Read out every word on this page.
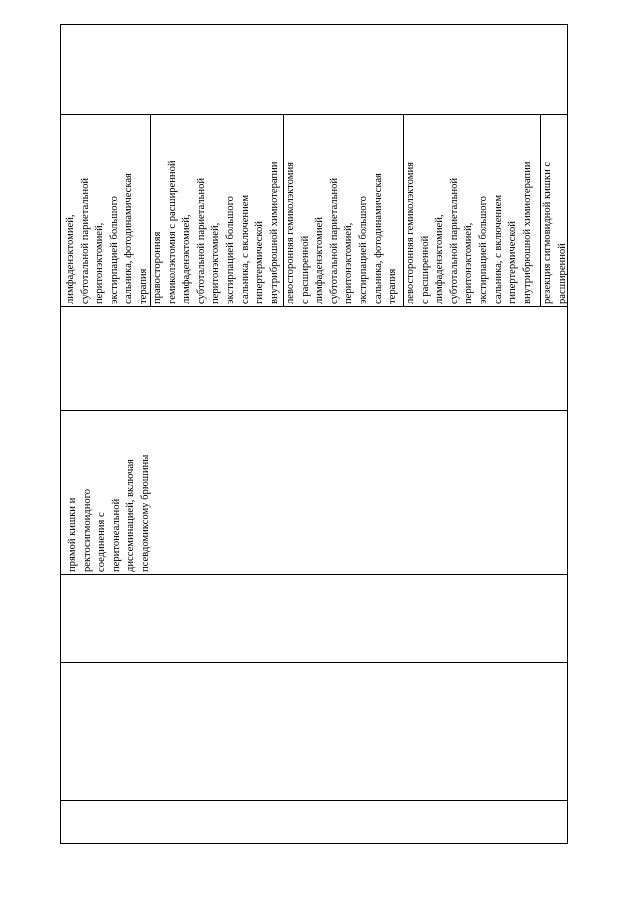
прямой кишки и ректосигмоидного соединения с перитонеальной диссеминацией, включая псевдомиксому брюшины
лимфаденэктомией, субтотальной париетальной перитонэктомией, экстирпацией большого сальника, фотодинамическая терапия правосторонняя гемиколэктомия с расширенной лимфаденэктомией, субтотальной париетальной перитонэктомией, экстирпацией большого сальника, с включением гипертермической внутрибрюшной химиотерапии левосторонняя гемиколэктомия с расширенной лимфаденэктомией субтотальной париетальной перитонэктомией, экстирпацией большого сальника, фотодинамическая терапия левосторонняя гемиколэктомия с расширенной лимфаденэктомией, субтотальной париетальной перитонэктомией, экстирпацией большого сальника, с включением гипертермической внутрибрюшной химиотерапии резекция сигмовидной кишки с расширенной
